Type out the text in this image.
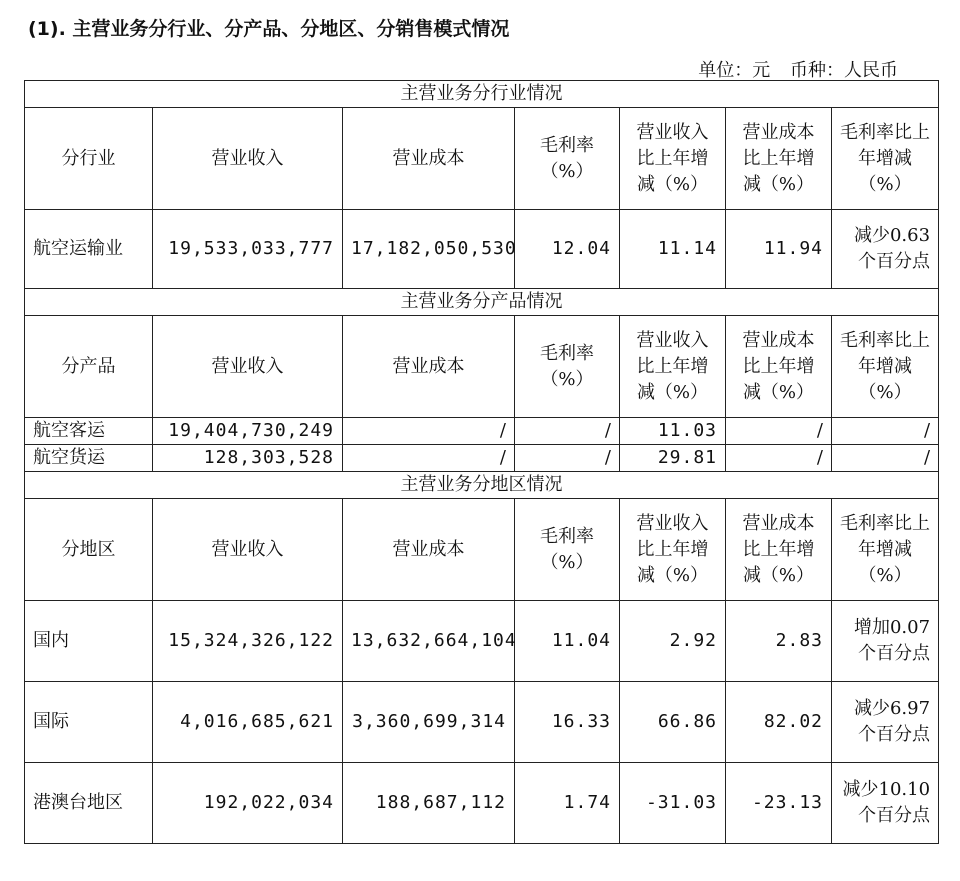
(1). 主营业务分行业、分产品、分地区、分销售模式情况
单位：元 币种：人民币
主营业务分行业情况						
分行业	营业收入	营业成本	毛利率（%）	营业收入比上年增减（%）	营业成本比上年增减（%）	毛利率比上年增减（%）
航空运输业	19,533,033,777	17,182,050,530	12.04	11.14	11.94	减少0.63个百分点
主营业务分产品情况						
分产品	营业收入	营业成本	毛利率（%）	营业收入比上年增减（%）	营业成本比上年增减（%）	毛利率比上年增减（%）
航空客运	19,404,730,249	/	/	11.03	/	/
航空货运	128,303,528	/	/	29.81	/	/
主营业务分地区情况						
分地区	营业收入	营业成本	毛利率（%）	营业收入比上年增减（%）	营业成本比上年增减（%）	毛利率比上年增减（%）
国内	15,324,326,122	13,632,664,104	11.04	2.92	2.83	增加0.07个百分点
国际	4,016,685,621	3,360,699,314	16.33	66.86	82.02	减少6.97个百分点
港澳台地区	192,022,034	188,687,112	1.74	-31.03	-23.13	减少10.10个百分点
